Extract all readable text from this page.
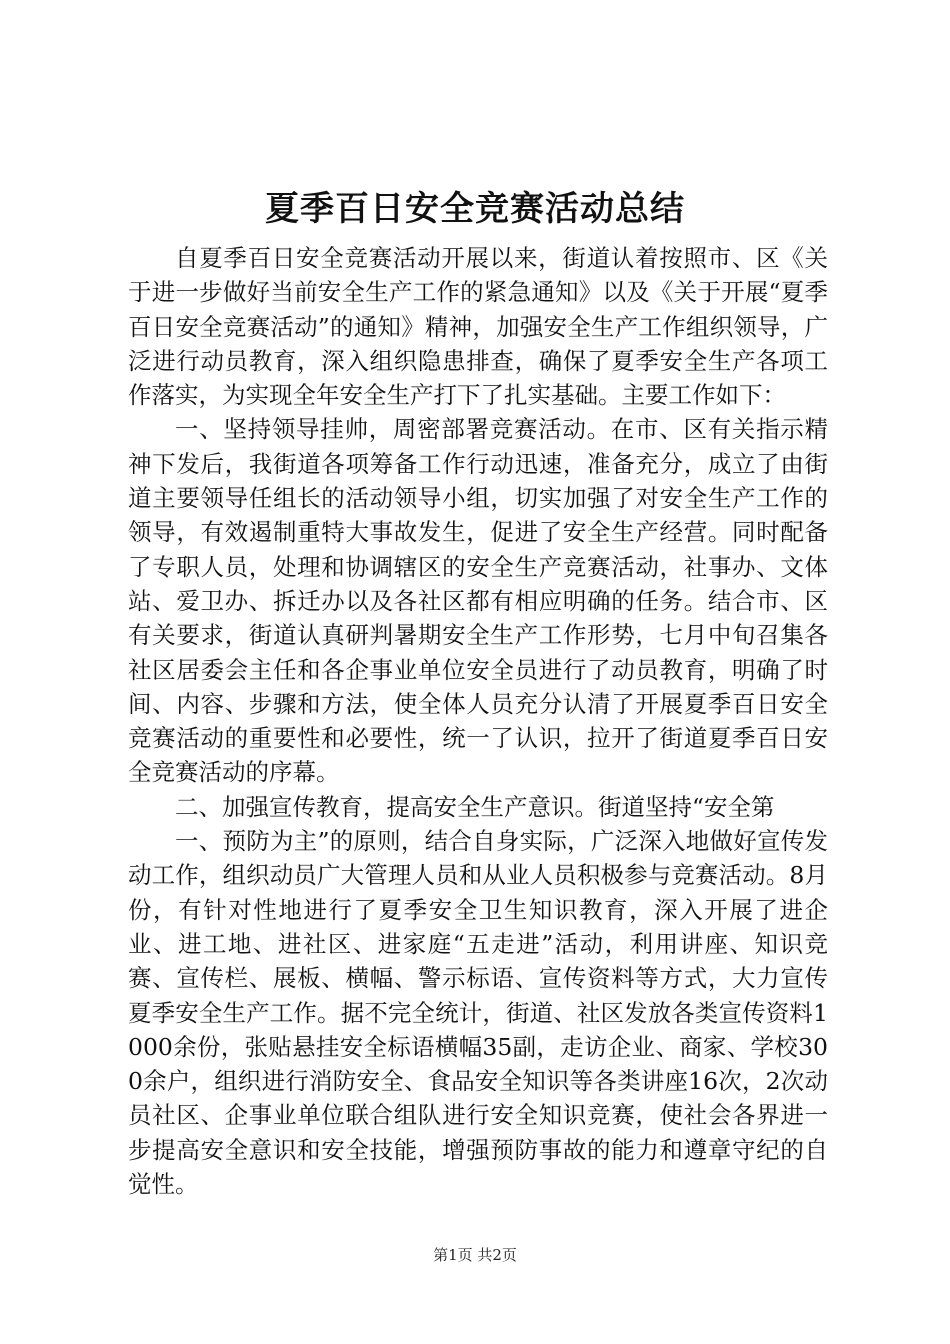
夏季百日安全竞赛活动总结

自夏季百日安全竞赛活动开展以来，街道认着按照市、区《关于进一步做好当前安全生产工作的紧急通知》以及《关于开展“夏季百日安全竞赛活动”的通知》精神，加强安全生产工作组织领导，广泛进行动员教育，深入组织隐患排查，确保了夏季安全生产各项工作落实，为实现全年安全生产打下了扎实基础。主要工作如下：

一、坚持领导挂帅，周密部署竞赛活动。在市、区有关指示精神下发后，我街道各项筹备工作行动迅速，准备充分，成立了由街道主要领导任组长的活动领导小组，切实加强了对安全生产工作的领导，有效遏制重特大事故发生，促进了安全生产经营。同时配备了专职人员，处理和协调辖区的安全生产竞赛活动，社事办、文体站、爱卫办、拆迁办以及各社区都有相应明确的任务。结合市、区有关要求，街道认真研判暑期安全生产工作形势，七月中旬召集各社区居委会主任和各企事业单位安全员进行了动员教育，明确了时间、内容、步骤和方法，使全体人员充分认清了开展夏季百日安全竞赛活动的重要性和必要性，统一了认识，拉开了街道夏季百日安全竞赛活动的序幕。

二、加强宣传教育，提高安全生产意识。街道坚持“安全第

一、预防为主”的原则，结合自身实际，广泛深入地做好宣传发动工作，组织动员广大管理人员和从业人员积极参与竞赛活动。8月份，有针对性地进行了夏季安全卫生知识教育，深入开展了进企业、进工地、进社区、进家庭“五走进”活动，利用讲座、知识竞赛、宣传栏、展板、横幅、警示标语、宣传资料等方式，大力宣传夏季安全生产工作。据不完全统计，街道、社区发放各类宣传资料1000余份，张贴悬挂安全标语横幅35副，走访企业、商家、学校300余户，组织进行消防安全、食品安全知识等各类讲座16次，2次动员社区、企事业单位联合组队进行安全知识竞赛，使社会各界进一步提高安全意识和安全技能，增强预防事故的能力和遵章守纪的自觉性。

第1页 共2页
